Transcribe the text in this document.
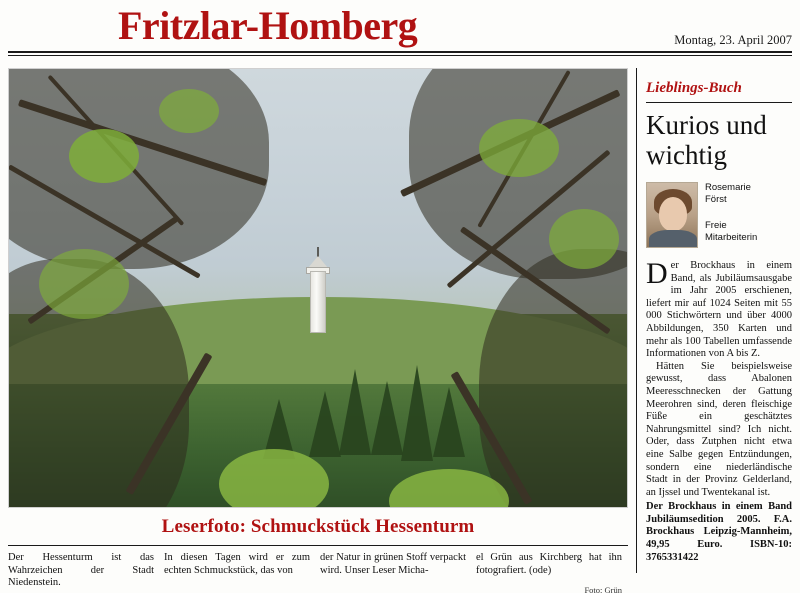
Fritzlar-Homberg	Montag, 23. April 2007
Leserfoto: Schmuckstück Hessenturm
Der Hessenturm ist das Wahrzeichen der Stadt Niedenstein.
In diesen Tagen wird er zum echten Schmuckstück, das von
der Natur in grünen Stoff verpackt wird. Unser Leser Micha-
el Grün aus Kirchberg hat ihn fotografiert. (ode)
Foto: Grün
Lieblings-Buch
Kurios und wichtig
Rosemarie
Först
Freie
Mitarbeiterin

Der Brockhaus in einem Band, als Jubiläumsausgabe im Jahr 2005 erschienen, liefert mir auf 1024 Seiten mit 55 000 Stichwörtern und über 4000 Abbildungen, 350 Karten und mehr als 100 Tabellen umfassende Informationen von A bis Z.

Hätten Sie beispielsweise gewusst, dass Abalonen Meeresschnecken der Gattung Meerohren sind, deren fleischige Füße ein geschätztes Nahrungsmittel sind? Ich nicht. Oder, dass Zutphen nicht etwa eine Salbe gegen Entzündungen, sondern eine niederländische Stadt in der Provinz Gelderland, an Ijssel und Twentekanal ist.

Der Brockhaus in einem Band Jubiläumsedition 2005. F.A. Brockhaus Leipzig-Mannheim, 49,95 Euro. ISBN-10: 3765331422
